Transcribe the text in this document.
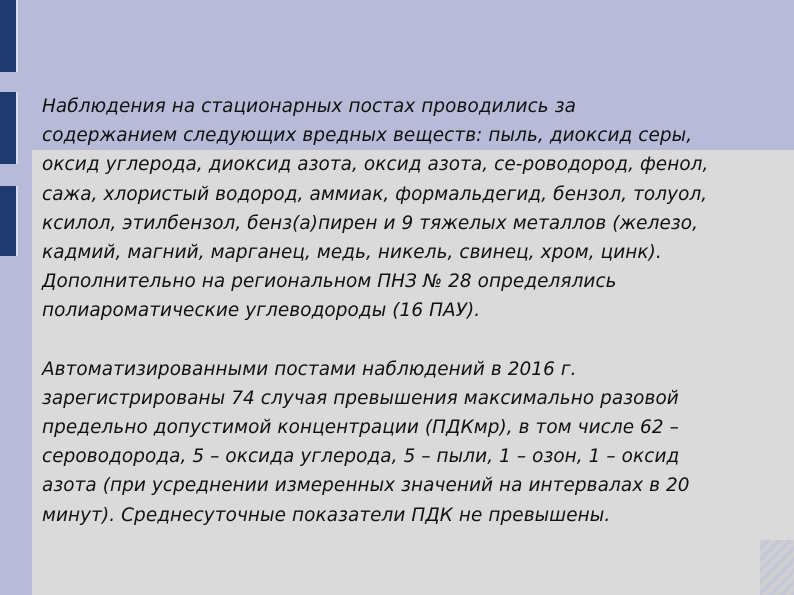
Наблюдения на стационарных постах проводились за
содержанием следующих вредных веществ: пыль, диоксид серы,
оксид углерода, диоксид азота, оксид азота, се-роводород, фенол,
сажа, хлористый водород, аммиак, формальдегид, бензол, толуол,
ксилол, этилбензол, бенз(а)пирен и 9 тяжелых металлов (железо,
кадмий, магний, марганец, медь, никель, свинец, хром, цинк).
Дополнительно на региональном ПНЗ № 28 определялись
полиароматические углеводороды (16 ПАУ).

Автоматизированными постами наблюдений в 2016 г.
зарегистрированы 74 случая превышения максимально разовой
предельно допустимой концентрации (ПДКмр), в том числе 62 –
сероводорода, 5 – оксида углерода, 5 – пыли, 1 – озон, 1 – оксид
азота (при усреднении измеренных значений на интервалах в 20
минут). Среднесуточные показатели ПДК не превышены.
